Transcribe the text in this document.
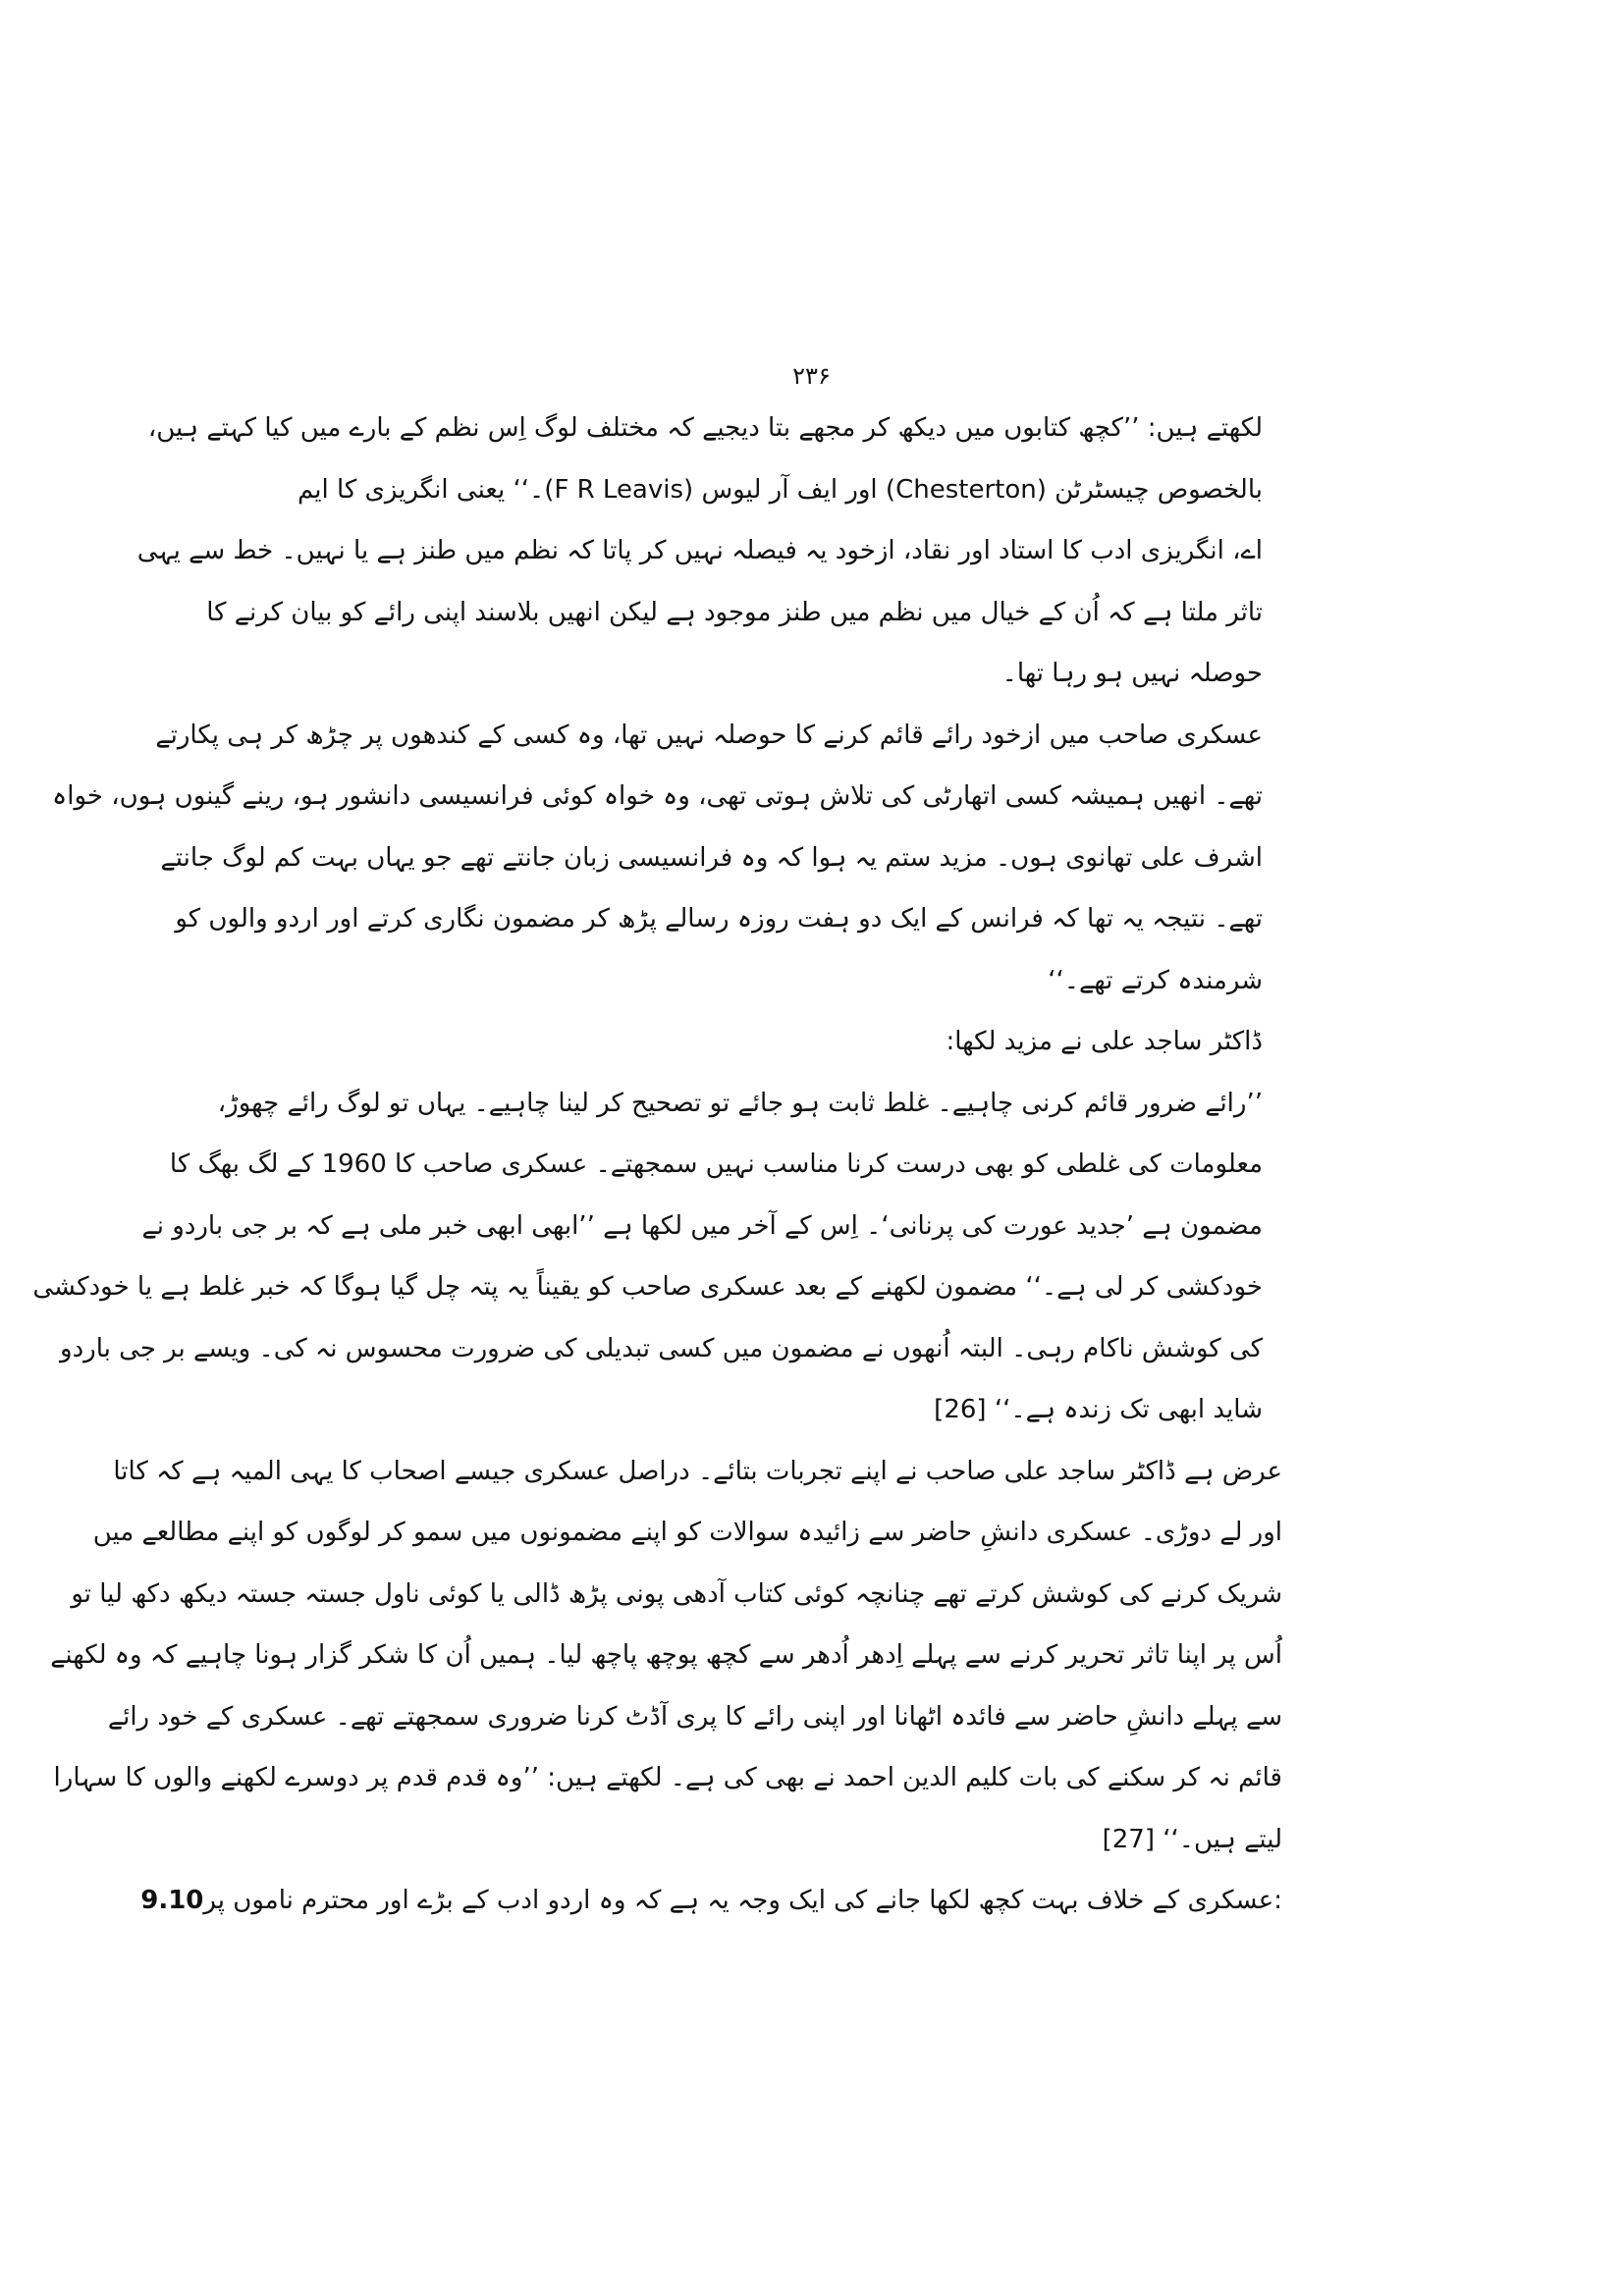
۲۳۶
لکھتے ہیں: ’’کچھ کتابوں میں دیکھ کر مجھے بتا دیجیے کہ مختلف لوگ اِس نظم کے بارے میں کیا کہتے ہیں،
بالخصوص چیسٹرٹن (Chesterton) اور ایف آر لیوس (F R Leavis)۔‘‘ یعنی انگریزی کا ایم
اے، انگریزی ادب کا استاد اور نقاد، ازخود یہ فیصلہ نہیں کر پاتا کہ نظم میں طنز ہے یا نہیں۔ خط سے یہی
تاثر ملتا ہے کہ اُن کے خیال میں نظم میں طنز موجود ہے لیکن انھیں بلاسند اپنی رائے کو بیان کرنے کا
حوصلہ نہیں ہو رہا تھا۔
عسکری صاحب میں ازخود رائے قائم کرنے کا حوصلہ نہیں تھا، وہ کسی کے کندھوں پر چڑھ کر ہی پکارتے
تھے۔ انھیں ہمیشہ کسی اتھارٹی کی تلاش ہوتی تھی، وہ خواہ کوئی فرانسیسی دانشور ہو، رینے گینوں ہوں، خواہ
اشرف علی تھانوی ہوں۔ مزید ستم یہ ہوا کہ وہ فرانسیسی زبان جانتے تھے جو یہاں بہت کم لوگ جانتے
تھے۔ نتیجہ یہ تھا کہ فرانس کے ایک دو ہفت روزہ رسالے پڑھ کر مضمون نگاری کرتے اور اردو والوں کو
شرمندہ کرتے تھے۔‘‘
ڈاکٹر ساجد علی نے مزید لکھا:
’’رائے ضرور قائم کرنی چاہیے۔ غلط ثابت ہو جائے تو تصحیح کر لینا چاہیے۔ یہاں تو لوگ رائے چھوڑ،
معلومات کی غلطی کو بھی درست کرنا مناسب نہیں سمجھتے۔ عسکری صاحب کا 1960 کے لگ بھگ کا
مضمون ہے ’جدید عورت کی پرنانی‘۔ اِس کے آخر میں لکھا ہے ’’ابھی ابھی خبر ملی ہے کہ بر جی باردو نے
خودکشی کر لی ہے۔‘‘ مضمون لکھنے کے بعد عسکری صاحب کو یقیناً یہ پتہ چل گیا ہوگا کہ خبر غلط ہے یا خودکشی
کی کوشش ناکام رہی۔ البتہ اُنھوں نے مضمون میں کسی تبدیلی کی ضرورت محسوس نہ کی۔ ویسے بر جی باردو
شاید ابھی تک زندہ ہے۔‘‘ [26]
عرض ہے ڈاکٹر ساجد علی صاحب نے اپنے تجربات بتائے۔ دراصل عسکری جیسے اصحاب کا یہی المیہ ہے کہ کاتا
اور لے دوڑی۔ عسکری دانشِ حاضر سے زائیدہ سوالات کو اپنے مضمونوں میں سمو کر لوگوں کو اپنے مطالعے میں
شریک کرنے کی کوشش کرتے تھے چنانچہ کوئی کتاب آدھی پونی پڑھ ڈالی یا کوئی ناول جستہ جستہ دیکھ دکھ لیا تو
اُس پر اپنا تاثر تحریر کرنے سے پہلے اِدھر اُدھر سے کچھ پوچھ پاچھ لیا۔ ہمیں اُن کا شکر گزار ہونا چاہیے کہ وہ لکھنے
سے پہلے دانشِ حاضر سے فائدہ اٹھانا اور اپنی رائے کا پری آڈٹ کرنا ضروری سمجھتے تھے۔ عسکری کے خود رائے
قائم نہ کر سکنے کی بات کلیم الدین احمد نے بھی کی ہے۔ لکھتے ہیں: ’’وہ قدم قدم پر دوسرے لکھنے والوں کا سہارا
لیتے ہیں۔‘‘ [27]
:عسکری کے خلاف بہت کچھ لکھا جانے کی ایک وجہ یہ ہے کہ وہ اردو ادب کے بڑے اور محترم ناموں پر9.10
